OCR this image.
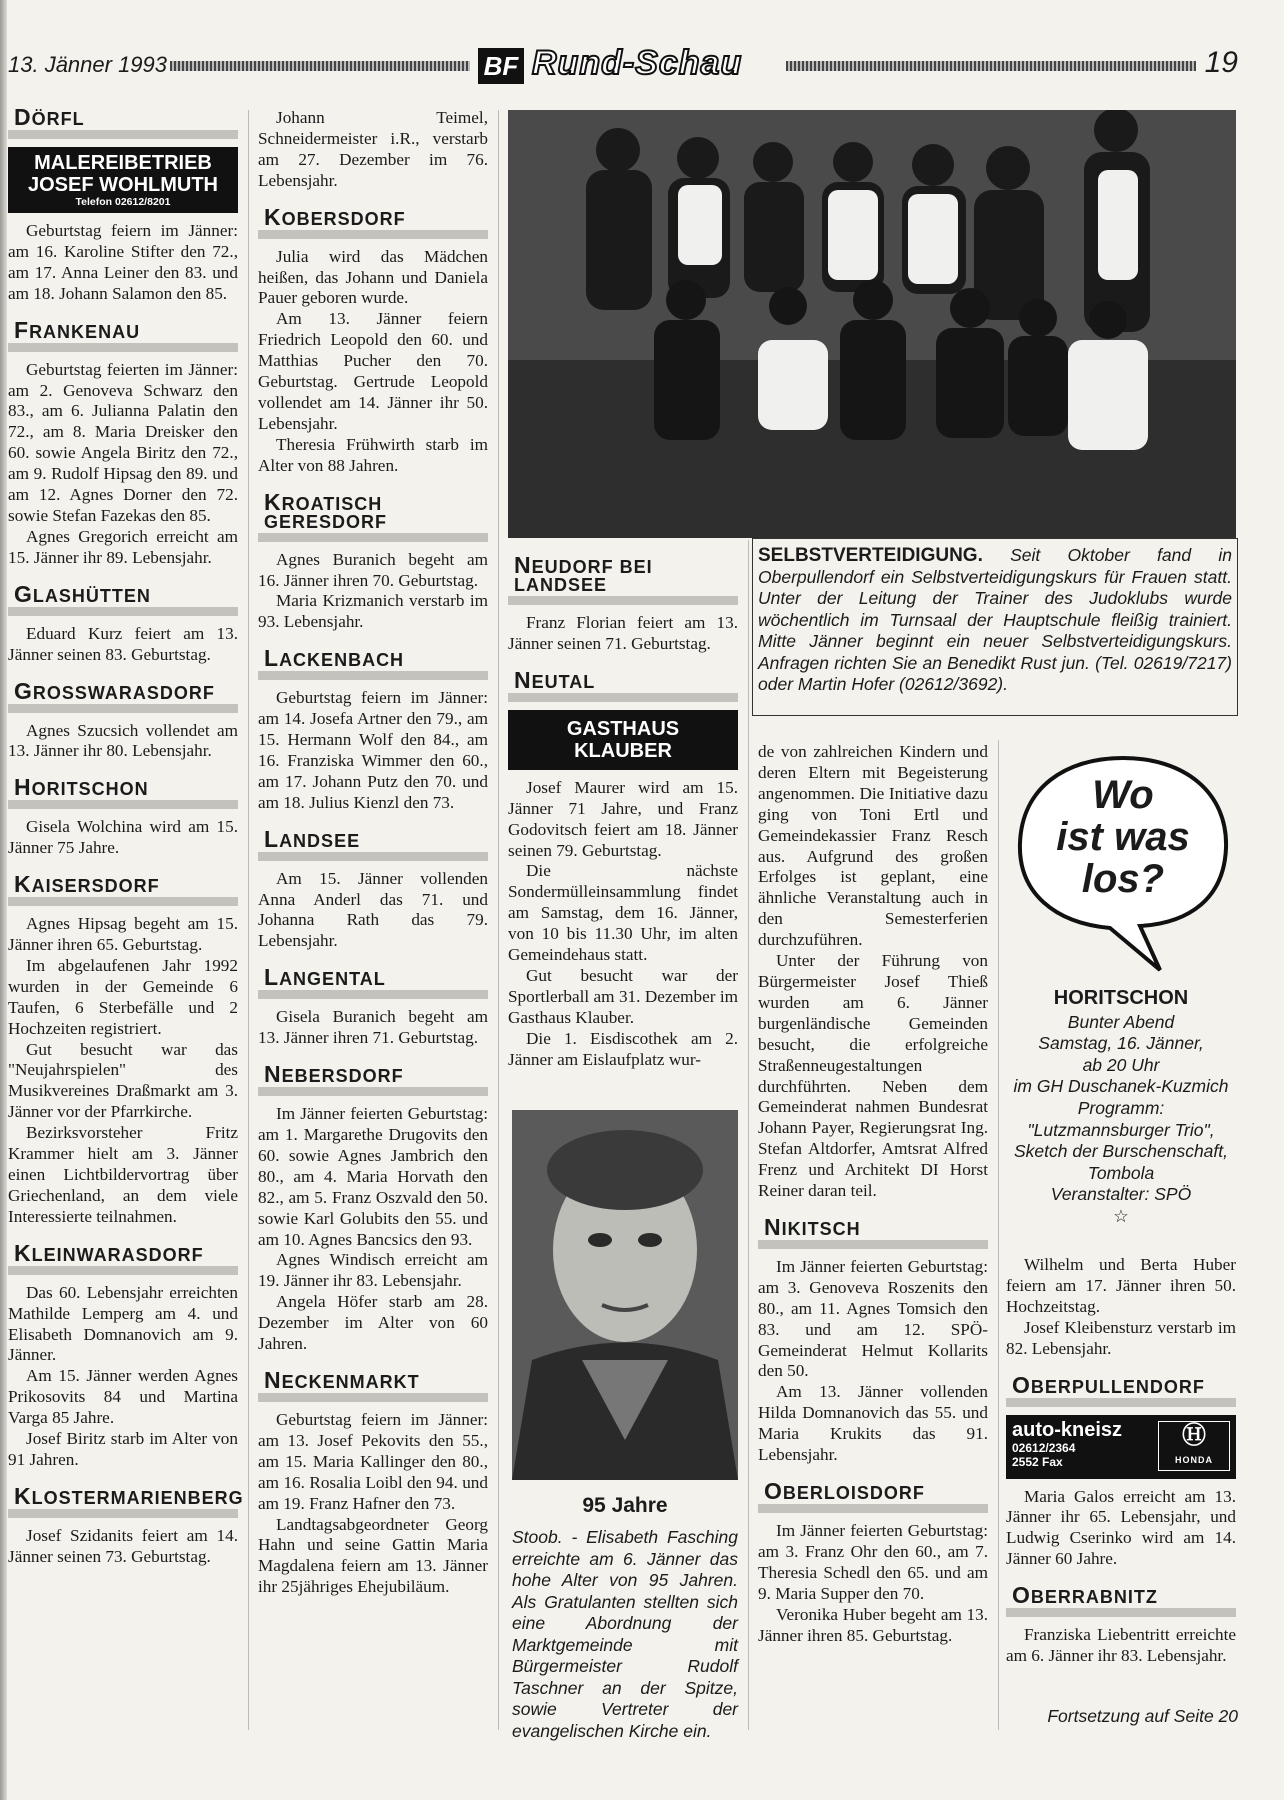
13. Jänner 1993	BF Rund-Schau	19
DÖRFL
MALEREIBETRIEB
JOSEF WOHLMUTH
Telefon 02612/8201

Geburtstag feiern im Jänner: am 16. Karoline Stifter den 72., am 17. Anna Leiner den 83. und am 18. Johann Salamon den 85.

FRANKENAU

Geburtstag feierten im Jänner: am 2. Genoveva Schwarz den 83., am 6. Julianna Palatin den 72., am 8. Maria Dreisker den 60. sowie Angela Biritz den 72., am 9. Rudolf Hipsag den 89. und am 12. Agnes Dorner den 72. sowie Stefan Fazekas den 85.

Agnes Gregorich erreicht am 15. Jänner ihr 89. Lebensjahr.

GLASHÜTTEN

Eduard Kurz feiert am 13. Jänner seinen 83. Geburtstag.

GROSSWARASDORF

Agnes Szucsich vollendet am 13. Jänner ihr 80. Lebensjahr.

HORITSCHON

Gisela Wolchina wird am 15. Jänner 75 Jahre.

KAISERSDORF

Agnes Hipsag begeht am 15. Jänner ihren 65. Geburtstag.

Im abgelaufenen Jahr 1992 wurden in der Gemeinde 6 Taufen, 6 Sterbefälle und 2 Hochzeiten registriert.

Gut besucht war das "Neujahrspielen" des Musikvereines Draßmarkt am 3. Jänner vor der Pfarrkirche.

Bezirksvorsteher Fritz Krammer hielt am 3. Jänner einen Lichtbildervortrag über Griechenland, an dem viele Interessierte teilnahmen.

KLEINWARASDORF

Das 60. Lebensjahr erreichten Mathilde Lemperg am 4. und Elisabeth Domnanovich am 9. Jänner.

Am 15. Jänner werden Agnes Prikosovits 84 und Martina Varga 85 Jahre.

Josef Biritz starb im Alter von 91 Jahren.

KLOSTERMARIENBERG

Josef Szidanits feiert am 14. Jänner seinen 73. Geburtstag.

Johann Teimel, Schneidermeister i.R., verstarb am 27. Dezember im 76. Lebensjahr.

KOBERSDORF

Julia wird das Mädchen heißen, das Johann und Daniela Pauer geboren wurde.

Am 13. Jänner feiern Friedrich Leopold den 60. und Matthias Pucher den 70. Geburtstag. Gertrude Leopold vollendet am 14. Jänner ihr 50. Lebensjahr.

Theresia Frühwirth starb im Alter von 88 Jahren.

KROATISCH GERESDORF

Agnes Buranich begeht am 16. Jänner ihren 70. Geburtstag.

Maria Krizmanich verstarb im 93. Lebensjahr.

LACKENBACH

Geburtstag feiern im Jänner: am 14. Josefa Artner den 79., am 15. Hermann Wolf den 84., am 16. Franziska Wimmer den 60., am 17. Johann Putz den 70. und am 18. Julius Kienzl den 73.

LANDSEE

Am 15. Jänner vollenden Anna Anderl das 71. und Johanna Rath das 79. Lebensjahr.

LANGENTAL

Gisela Buranich begeht am 13. Jänner ihren 71. Geburtstag.

NEBERSDORF

Im Jänner feierten Geburtstag: am 1. Margarethe Drugovits den 60. sowie Agnes Jambrich den 80., am 4. Maria Horvath den 82., am 5. Franz Oszvald den 50. sowie Karl Golubits den 55. und am 10. Agnes Bancsics den 93.

Agnes Windisch erreicht am 19. Jänner ihr 83. Lebensjahr.

Angela Höfer starb am 28. Dezember im Alter von 60 Jahren.

NECKENMARKT

Geburtstag feiern im Jänner: am 13. Josef Pekovits den 55., am 15. Maria Kallinger den 80., am 16. Rosalia Loibl den 94. und am 19. Franz Hafner den 73.

Landtagsabgeordneter Georg Hahn und seine Gattin Maria Magdalena feiern am 13. Jänner ihr 25jähriges Ehejubiläum.

SELBSTVERTEIDIGUNG. Seit Oktober fand in Oberpullendorf ein Selbstverteidigungskurs für Frauen statt. Unter der Leitung der Trainer des Judoklubs wurde wöchentlich im Turnsaal der Hauptschule fleißig trainiert. Mitte Jänner beginnt ein neuer Selbstverteidigungskurs. Anfragen richten Sie an Benedikt Rust jun. (Tel. 02619/7217) oder Martin Hofer (02612/3692).
NEUDORF BEI LANDSEE

Franz Florian feiert am 13. Jänner seinen 71. Geburtstag.

NEUTAL
GASTHAUS
KLAUBER

Josef Maurer wird am 15. Jänner 71 Jahre, und Franz Godovitsch feiert am 18. Jänner seinen 79. Geburtstag.

Die nächste Sondermülleinsammlung findet am Samstag, dem 16. Jänner, von 10 bis 11.30 Uhr, im alten Gemeindehaus statt.

Gut besucht war der Sportlerball am 31. Dezember im Gasthaus Klauber.

Die 1. Eisdiscothek am 2. Jänner am Eislaufplatz wur-

95 Jahre
Stoob. - Elisabeth Fasching erreichte am 6. Jänner das hohe Alter von 95 Jahren. Als Gratulanten stellten sich eine Abordnung der Marktgemeinde mit Bürgermeister Rudolf Taschner an der Spitze, sowie Vertreter der evangelischen Kirche ein.

de von zahlreichen Kindern und deren Eltern mit Begeisterung angenommen. Die Initiative dazu ging von Toni Ertl und Gemeindekassier Franz Resch aus. Aufgrund des großen Erfolges ist geplant, eine ähnliche Veranstaltung auch in den Semesterferien durchzuführen.

Unter der Führung von Bürgermeister Josef Thieß wurden am 6. Jänner burgenländische Gemeinden besucht, die erfolgreiche Straßenneugestaltungen durchführten. Neben dem Gemeinderat nahmen Bundesrat Johann Payer, Regierungsrat Ing. Stefan Altdorfer, Amtsrat Alfred Frenz und Architekt DI Horst Reiner daran teil.

NIKITSCH

Im Jänner feierten Geburtstag: am 3. Genoveva Roszenits den 80., am 11. Agnes Tomsich den 83. und am 12. SPÖ-Gemeinderat Helmut Kollarits den 50.

Am 13. Jänner vollenden Hilda Domnanovich das 55. und Maria Krukits das 91. Lebensjahr.

OBERLOISDORF

Im Jänner feierten Geburtstag: am 3. Franz Ohr den 60., am 7. Theresia Schedl den 65. und am 9. Maria Supper den 70.

Veronika Huber begeht am 13. Jänner ihren 85. Geburtstag.

Wo
ist was
los?
HORITSCHON
Bunter Abend
Samstag, 16. Jänner,
ab 20 Uhr
im GH Duschanek-Kuzmich
Programm:
"Lutzmannsburger Trio",
Sketch der Burschenschaft,
Tombola
Veranstalter: SPÖ
☆

Wilhelm und Berta Huber feiern am 17. Jänner ihren 50. Hochzeitstag.

Josef Kleibensturz verstarb im 82. Lebensjahr.

OBERPULLENDORF
auto-kneisz
02612/2364
2552 Fax
Ⓗ
HONDA

Maria Galos erreicht am 13. Jänner ihr 65. Lebensjahr, und Ludwig Cserinko wird am 14. Jänner 60 Jahre.

OBERRABNITZ

Franziska Liebentritt erreichte am 6. Jänner ihr 83. Lebensjahr.

Fortsetzung auf Seite 20
